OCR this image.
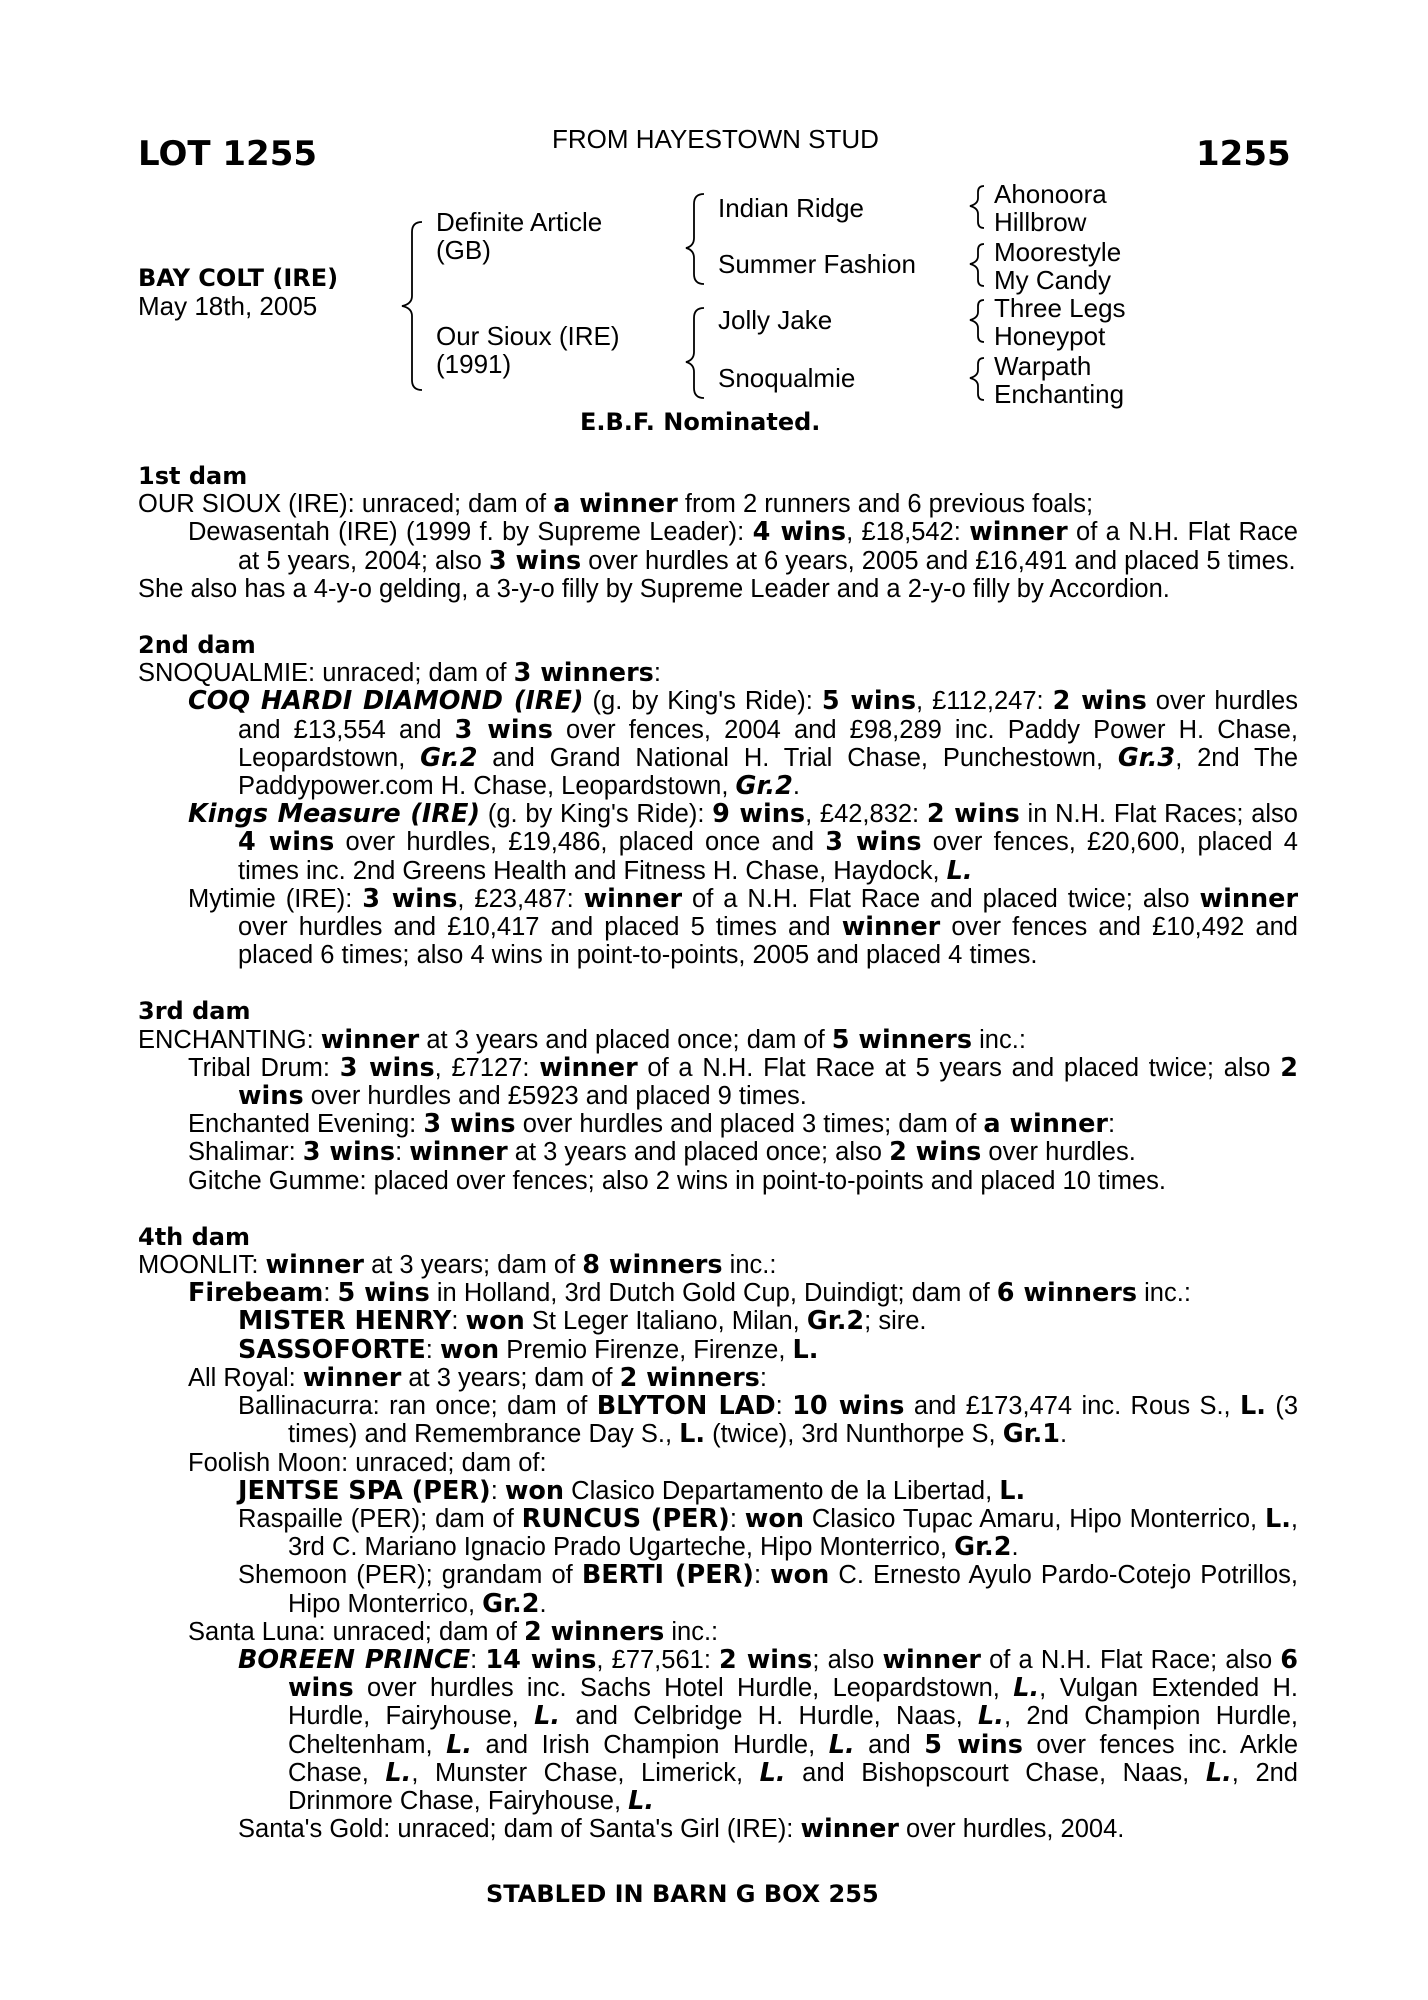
LOT 1255	FROM HAYESTOWN STUD	1255
BAY COLT (IRE)
May 18th, 2005
Definite Article
(GB)
Our Sioux (IRE)
(1991)
Indian Ridge
Summer Fashion
Jolly Jake
Snoqualmie
Ahonoora
Hillbrow
Moorestyle
My Candy
Three Legs
Honeypot
Warpath
Enchanting
E.B.F. Nominated.
1st dam
OUR SIOUX (IRE): unraced; dam of a winner from 2 runners and 6 previous foals;
Dewasentah (IRE) (1999 f. by Supreme Leader): 4 wins, £18,542: winner of a N.H. Flat Race at 5 years, 2004; also 3 wins over hurdles at 6 years, 2005 and £16,491 and placed 5 times.
She also has a 4-y-o gelding, a 3-y-o filly by Supreme Leader and a 2-y-o filly by Accordion.
2nd dam
SNOQUALMIE: unraced; dam of 3 winners:
COQ HARDI DIAMOND (IRE) (g. by King's Ride): 5 wins, £112,247: 2 wins over hurdles and £13,554 and 3 wins over fences, 2004 and £98,289 inc. Paddy Power H. Chase, Leopardstown, Gr.2 and Grand National H. Trial Chase, Punchestown, Gr.3, 2nd The Paddypower.com H. Chase, Leopardstown, Gr.2.
Kings Measure (IRE) (g. by King's Ride): 9 wins, £42,832: 2 wins in N.H. Flat Races; also 4 wins over hurdles, £19,486, placed once and 3 wins over fences, £20,600, placed 4 times inc. 2nd Greens Health and Fitness H. Chase, Haydock, L.
Mytimie (IRE): 3 wins, £23,487: winner of a N.H. Flat Race and placed twice; also winner over hurdles and £10,417 and placed 5 times and winner over fences and £10,492 and placed 6 times; also 4 wins in point-to-points, 2005 and placed 4 times.
3rd dam
ENCHANTING: winner at 3 years and placed once; dam of 5 winners inc.:
Tribal Drum: 3 wins, £7127: winner of a N.H. Flat Race at 5 years and placed twice; also 2 wins over hurdles and £5923 and placed 9 times.
Enchanted Evening: 3 wins over hurdles and placed 3 times; dam of a winner:
Shalimar: 3 wins: winner at 3 years and placed once; also 2 wins over hurdles.
Gitche Gumme: placed over fences; also 2 wins in point-to-points and placed 10 times.
4th dam
MOONLIT: winner at 3 years; dam of 8 winners inc.:
Firebeam: 5 wins in Holland, 3rd Dutch Gold Cup, Duindigt; dam of 6 winners inc.:
MISTER HENRY: won St Leger Italiano, Milan, Gr.2; sire.
SASSOFORTE: won Premio Firenze, Firenze, L.
All Royal: winner at 3 years; dam of 2 winners:
Ballinacurra: ran once; dam of BLYTON LAD: 10 wins and £173,474 inc. Rous S., L. (3 times) and Remembrance Day S., L. (twice), 3rd Nunthorpe S, Gr.1.
Foolish Moon: unraced; dam of:
JENTSE SPA (PER): won Clasico Departamento de la Libertad, L.
Raspaille (PER); dam of RUNCUS (PER): won Clasico Tupac Amaru, Hipo Monterrico, L., 3rd C. Mariano Ignacio Prado Ugarteche, Hipo Monterrico, Gr.2.
Shemoon (PER); grandam of BERTI (PER): won C. Ernesto Ayulo Pardo-Cotejo Potrillos, Hipo Monterrico, Gr.2.
Santa Luna: unraced; dam of 2 winners inc.:
BOREEN PRINCE: 14 wins, £77,561: 2 wins; also winner of a N.H. Flat Race; also 6 wins over hurdles inc. Sachs Hotel Hurdle, Leopardstown, L., Vulgan Extended H. Hurdle, Fairyhouse, L. and Celbridge H. Hurdle, Naas, L., 2nd Champion Hurdle, Cheltenham, L. and Irish Champion Hurdle, L. and 5 wins over fences inc. Arkle Chase, L., Munster Chase, Limerick, L. and Bishopscourt Chase, Naas, L., 2nd Drinmore Chase, Fairyhouse, L.
Santa's Gold: unraced; dam of Santa's Girl (IRE): winner over hurdles, 2004.
STABLED IN BARN G BOX 255
